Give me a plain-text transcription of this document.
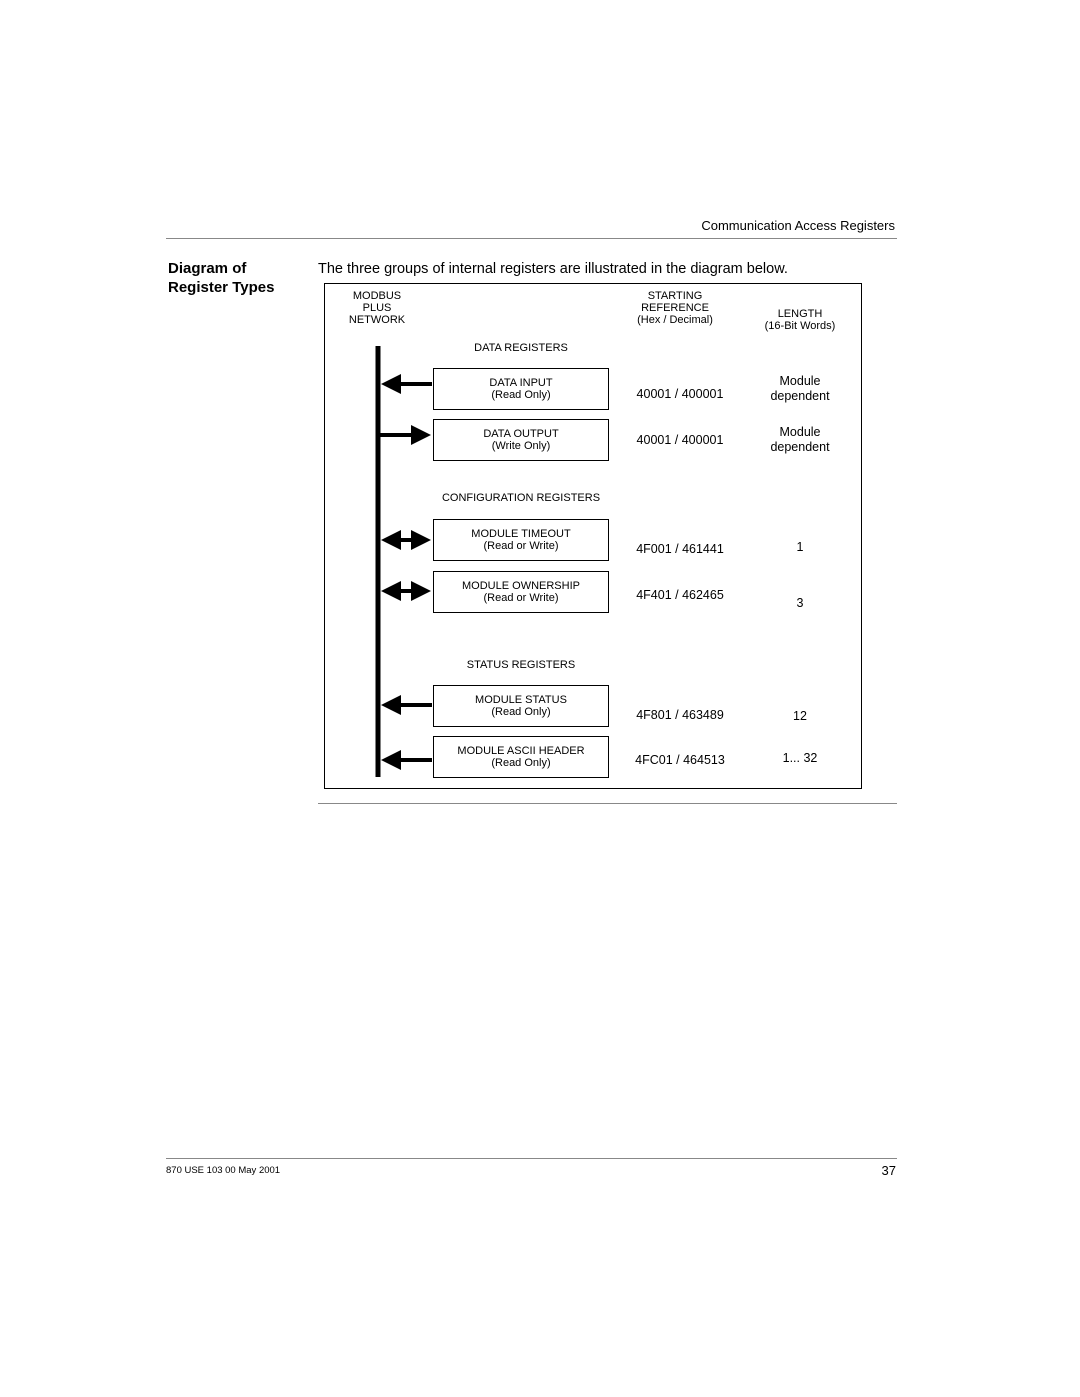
Communication Access Registers
Diagram of
Register Types
The three groups of internal registers are illustrated in the diagram below.
MODBUS
PLUS
NETWORK
STARTING
REFERENCE
(Hex / Decimal)	LENGTH
(16-Bit Words)
DATA REGISTERS
CONFIGURATION REGISTERS
STATUS REGISTERS
DATA INPUT
(Read Only)
DATA OUTPUT
(Write Only)
MODULE TIMEOUT
(Read or Write)
MODULE OWNERSHIP
(Read or Write)
MODULE STATUS
(Read Only)
MODULE ASCII HEADER
(Read Only)
40001 / 400001
40001 / 400001
4F001 / 461441
4F401 / 462465
4F801 / 463489
4FC01 / 464513
Module
dependent
Module
dependent
1
3
12
1... 32
870 USE 103 00 May 2001	37
